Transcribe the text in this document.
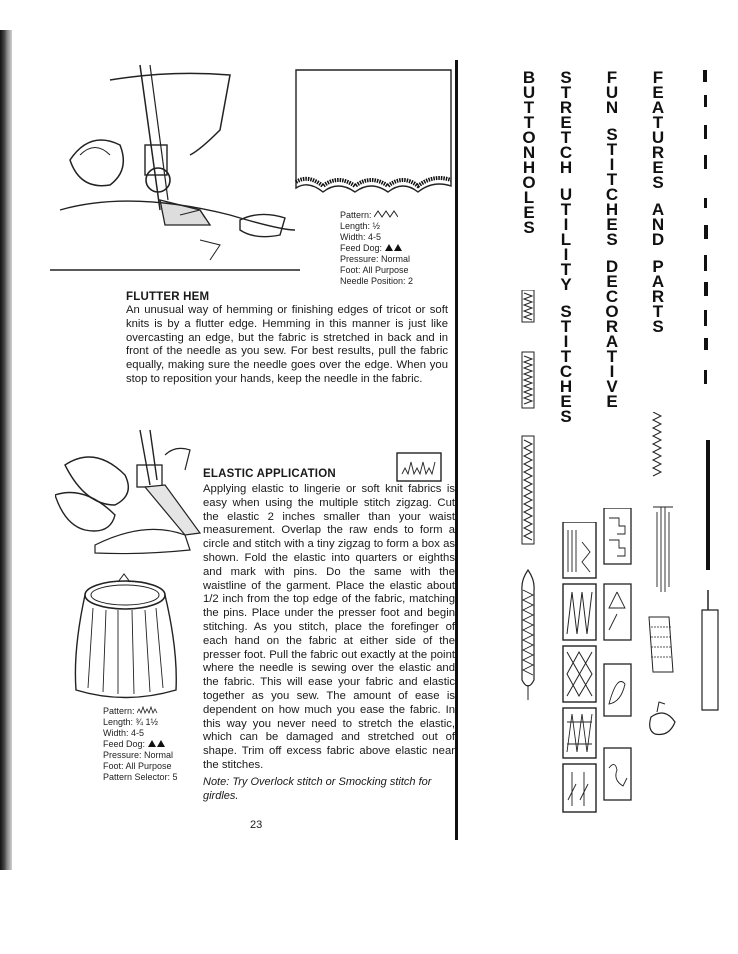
Pattern:
Length: ½
Width: 4-5
Feed Dog:
Pressure: Normal
Foot: All Purpose
Needle Position: 2
FLUTTER HEM

An unusual way of hemming or finishing edges of tricot or soft knits is by a flutter edge. Hemming in this manner is just like overcasting an edge, but the fabric is stretched in back and in front of the needle as you sew. For best results, pull the fabric equally, making sure the needle goes over the edge. When you stop to reposition your hands, keep the needle in the fabric.

Pattern:
Length: ¾ 1½
Width: 4-5
Feed Dog:
Pressure: Normal
Foot: All Purpose
Pattern Selector: 5
ELASTIC APPLICATION

Applying elastic to lingerie or soft knit fabrics is easy when using the multiple stitch zigzag. Cut the elastic 2 inches smaller than your waist measurement. Overlap the raw ends to form a circle and stitch with a tiny zigzag to form a box as shown. Fold the elastic into quarters or eighths and mark with pins. Do the same with the waistline of the garment. Place the elastic about 1/2 inch from the top edge of the fabric, matching the pins. Place under the presser foot and begin stitching. As you stitch, place the forefinger of each hand on the fabric at either side of the presser foot. Pull the fabric out exactly at the point where the needle is sewing over the elastic and the fabric. This will ease your fabric and elastic together as you sew. The amount of ease is dependent on how much you ease the fabric. In this way you never need to stretch the elastic, which can be damaged and stretched out of shape. Trim off excess fabric above elastic near the stitches.

Note: Try Overlock stitch or Smocking stitch for girdles.
23
B
U
T
T
O
N
H
O
L
E
S
S
T
R
E
T
C
H
U
T
I
L
I
T
Y
S
T
I
T
C
H
E
S
F
U
N
S
T
I
T
C
H
E
S
D
E
C
O
R
A
T
I
V
E
F
E
A
T
U
R
E
S
A
N
D
P
A
R
T
S
